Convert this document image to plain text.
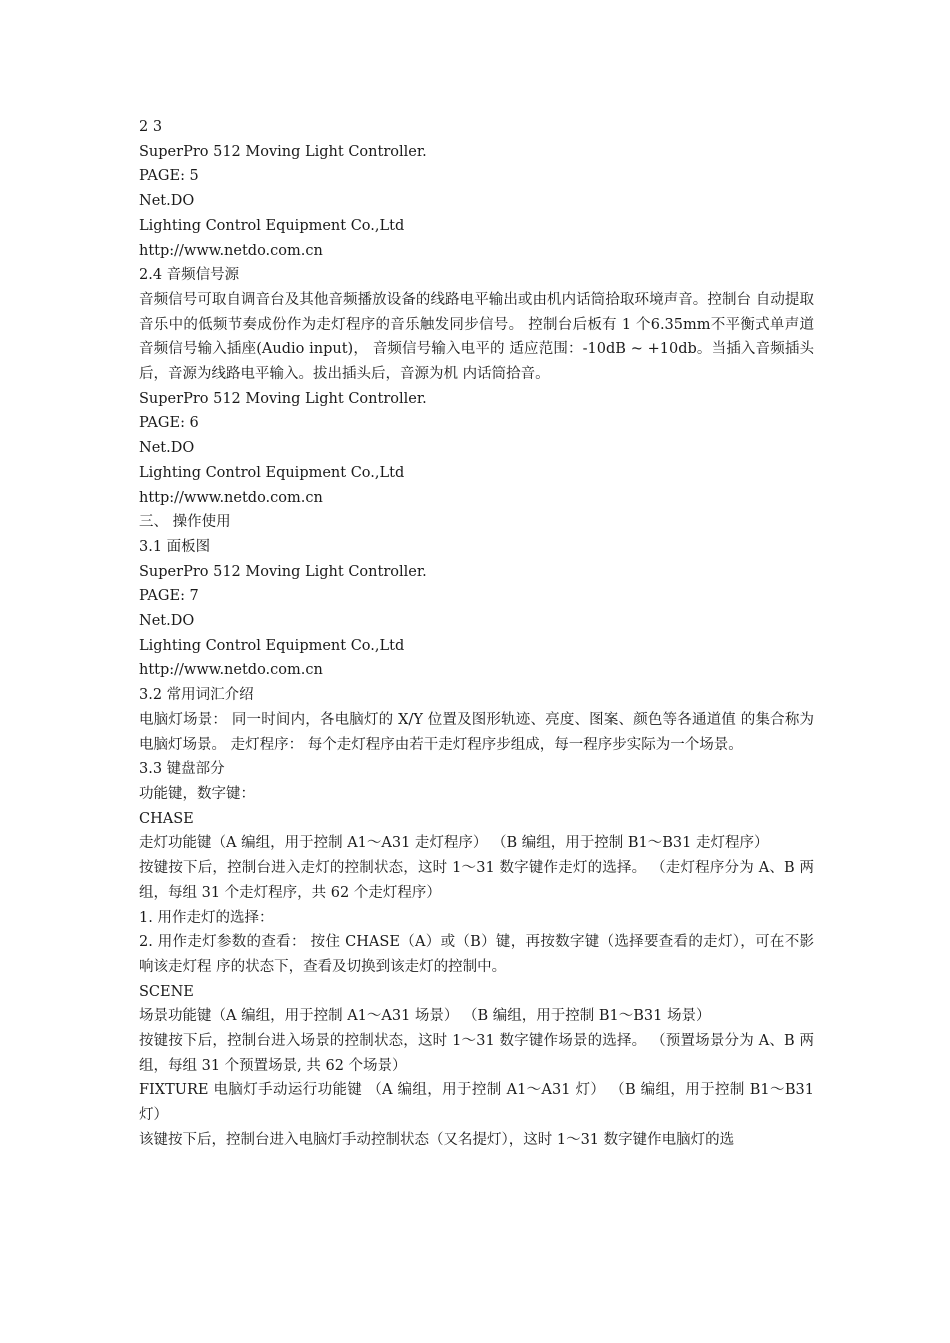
2 3
SuperPro 512 Moving Light Controller.
PAGE: 5
Net.DO
Lighting Control Equipment Co.,Ltd
http://www.netdo.com.cn
2.4 音频信号源
音频信号可取自调音台及其他音频播放设备的线路电平输出或由机内话筒拾取环境声音。控制台 自动提取音乐中的低频节奏成份作为走灯程序的音乐触发同步信号。 控制台后板有 1 个6.35mm不平衡式单声道音频信号输入插座(Audio input)， 音频信号输入电平的 适应范围：-10dB ~ +10db。当插入音频插头后，音源为线路电平输入。拔出插头后，音源为机 内话筒拾音。
SuperPro 512 Moving Light Controller.
PAGE: 6
Net.DO
Lighting Control Equipment Co.,Ltd
http://www.netdo.com.cn
三、 操作使用
3.1 面板图
SuperPro 512 Moving Light Controller.
PAGE: 7
Net.DO
Lighting Control Equipment Co.,Ltd
http://www.netdo.com.cn
3.2 常用词汇介绍
电脑灯场景： 同一时间内，各电脑灯的 X/Y 位置及图形轨迹、亮度、图案、颜色等各通道值 的集合称为电脑灯场景。 走灯程序： 每个走灯程序由若干走灯程序步组成，每一程序步实际为一个场景。
3.3 键盘部分
功能键，数字键：
CHASE
走灯功能键（A 编组，用于控制 A1～A31 走灯程序） （B 编组，用于控制 B1～B31 走灯程序）
按键按下后，控制台进入走灯的控制状态，这时 1～31 数字键作走灯的选择。 （走灯程序分为 A、B 两组，每组 31 个走灯程序，共 62 个走灯程序）
1. 用作走灯的选择：
2. 用作走灯参数的查看： 按住 CHASE（A）或（B）键，再按数字键（选择要查看的走灯），可在不影响该走灯程 序的状态下，查看及切换到该走灯的控制中。
SCENE
场景功能键（A 编组，用于控制 A1～A31 场景） （B 编组，用于控制 B1～B31 场景）
按键按下后，控制台进入场景的控制状态，这时 1～31 数字键作场景的选择。 （预置场景分为 A、B 两组，每组 31 个预置场景, 共 62 个场景）
FIXTURE 电脑灯手动运行功能键 （A 编组，用于控制 A1～A31 灯） （B 编组，用于控制 B1～B31 灯）
该键按下后，控制台进入电脑灯手动控制状态（又名提灯），这时 1～31 数字键作电脑灯的选
